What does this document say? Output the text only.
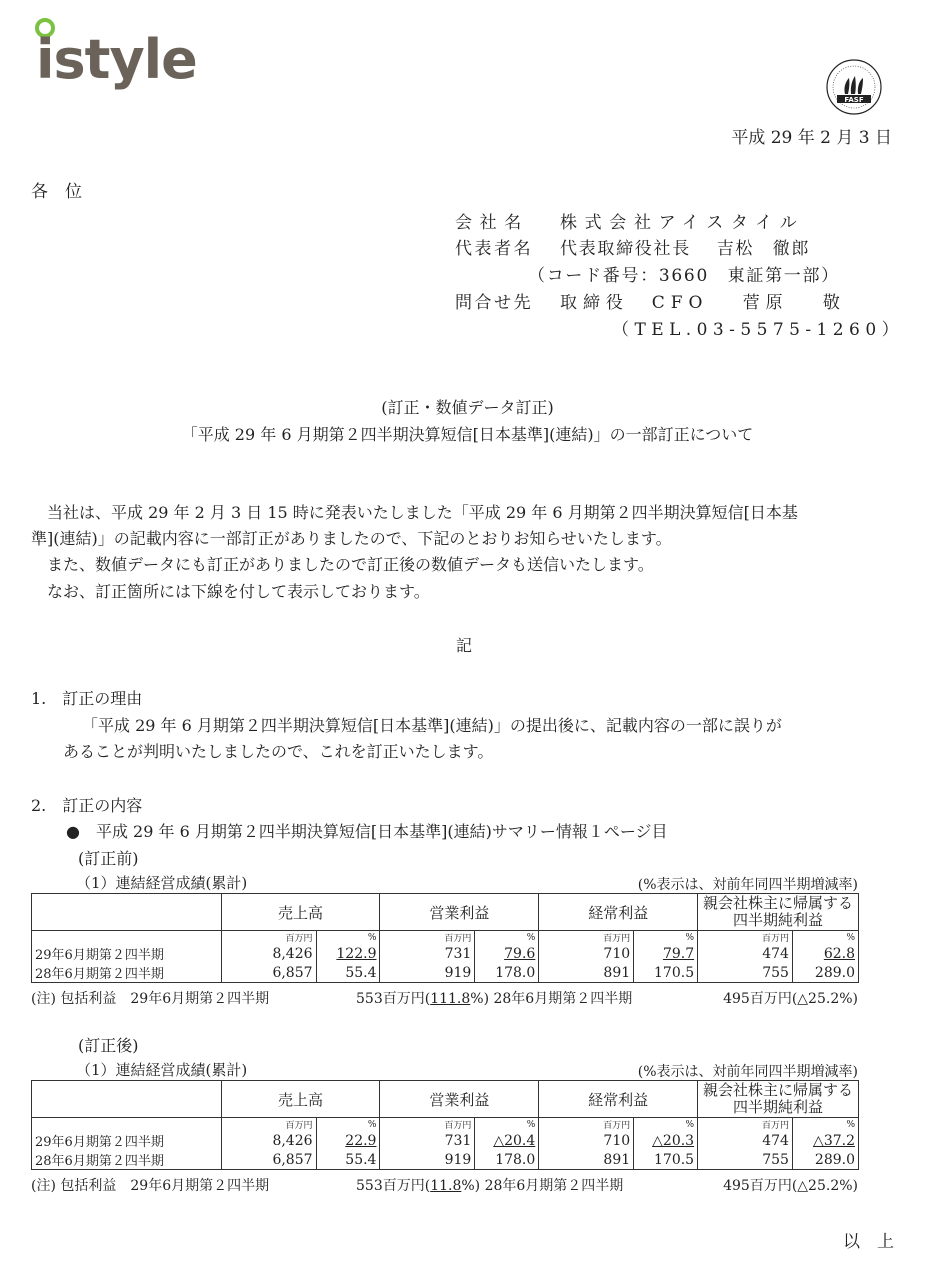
istyle
FASF
平成 29 年 2 月 3 日
各　位
会社名 株式会社アイスタイル
代表者名 代表取締役社長　 吉松　徹郎
（コード番号：3660　東証第一部）
問合せ先 取締役　CFO　 菅原　 敬
（TEL.03-5575-1260）
(訂正・数値データ訂正)
「平成 29 年 6 月期第２四半期決算短信[日本基準](連結)」の一部訂正について
当社は、平成 29 年 2 月 3 日 15 時に発表いたしました「平成 29 年 6 月期第２四半期決算短信[日本基
準](連結)」の記載内容に一部訂正がありましたので、下記のとおりお知らせいたします。
また、数値データにも訂正がありましたので訂正後の数値データも送信いたします。
なお、訂正箇所には下線を付して表示しております。
記
1.　訂正の理由
「平成 29 年 6 月期第２四半期決算短信[日本基準](連結)」の提出後に、記載内容の一部に誤りが
あることが判明いたしましたので、これを訂正いたします。
2.　訂正の内容
●　平成 29 年 6 月期第２四半期決算短信[日本基準](連結)サマリー情報１ページ目
(訂正前)
（1）連結経営成績(累計)	(%表示は、対前年同四半期増減率)
	売上高		営業利益		経常利益		親会社株主に帰属する四半期純利益	
	百万円	%	百万円	%	百万円	%	百万円	%
29年6月期第２四半期	8,426	122.9	731	79.6	710	79.7	474	62.8
28年6月期第２四半期	6,857	55.4	919	178.0	891	170.5	755	289.0
(注) 包括利益　29年6月期第２四半期	553百万円(111.8%) 28年6月期第２四半期	495百万円(△25.2%)
(訂正後)
（1）連結経営成績(累計)	(%表示は、対前年同四半期増減率)
	売上高		営業利益		経常利益		親会社株主に帰属する四半期純利益	
	百万円	%	百万円	%	百万円	%	百万円	%
29年6月期第２四半期	8,426	22.9	731	△20.4	710	△20.3	474	△37.2
28年6月期第２四半期	6,857	55.4	919	178.0	891	170.5	755	289.0
(注) 包括利益　29年6月期第２四半期	553百万円(11.8%) 28年6月期第２四半期	495百万円(△25.2%)
以　上
